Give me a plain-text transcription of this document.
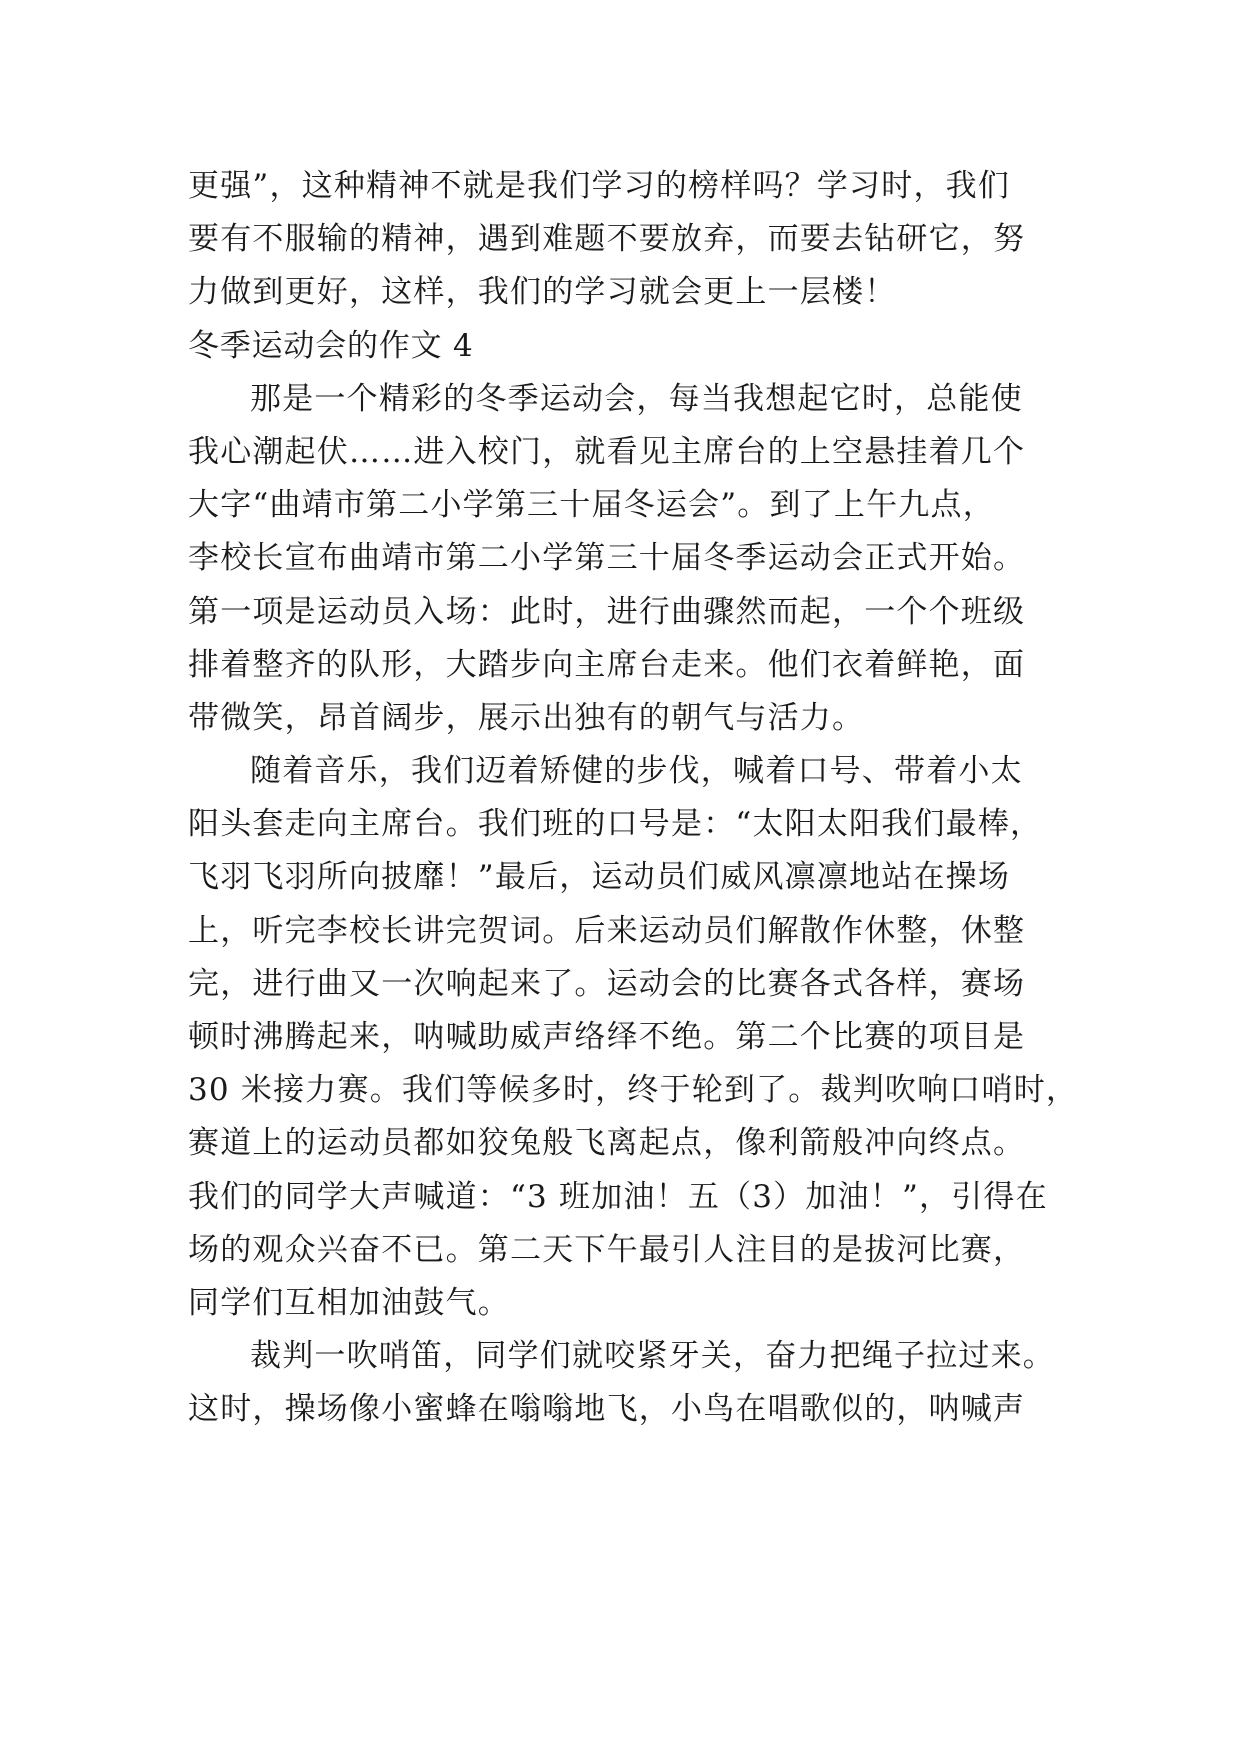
更强”，这种精神不就是我们学习的榜样吗？学习时，我们
要有不服输的精神，遇到难题不要放弃，而要去钻研它，努
力做到更好，这样，我们的学习就会更上一层楼！
冬季运动会的作文 4
那是一个精彩的冬季运动会，每当我想起它时，总能使
我心潮起伏……进入校门，就看见主席台的上空悬挂着几个
大字“曲靖市第二小学第三十届冬运会”。到了上午九点，
李校长宣布曲靖市第二小学第三十届冬季运动会正式开始。
第一项是运动员入场：此时，进行曲骤然而起，一个个班级
排着整齐的队形，大踏步向主席台走来。他们衣着鲜艳，面
带微笑，昂首阔步，展示出独有的朝气与活力。
随着音乐，我们迈着矫健的步伐，喊着口号、带着小太
阳头套走向主席台。我们班的口号是：“太阳太阳我们最棒，
飞羽飞羽所向披靡！”最后，运动员们威风凛凛地站在操场
上，听完李校长讲完贺词。后来运动员们解散作休整，休整
完，进行曲又一次响起来了。运动会的比赛各式各样，赛场
顿时沸腾起来，呐喊助威声络绎不绝。第二个比赛的项目是
30 米接力赛。我们等候多时，终于轮到了。裁判吹响口哨时，
赛道上的运动员都如狡兔般飞离起点，像利箭般冲向终点。
我们的同学大声喊道：“3 班加油！五（3）加油！”，引得在
场的观众兴奋不已。第二天下午最引人注目的是拔河比赛，
同学们互相加油鼓气。
裁判一吹哨笛，同学们就咬紧牙关，奋力把绳子拉过来。
这时，操场像小蜜蜂在嗡嗡地飞，小鸟在唱歌似的，呐喊声
